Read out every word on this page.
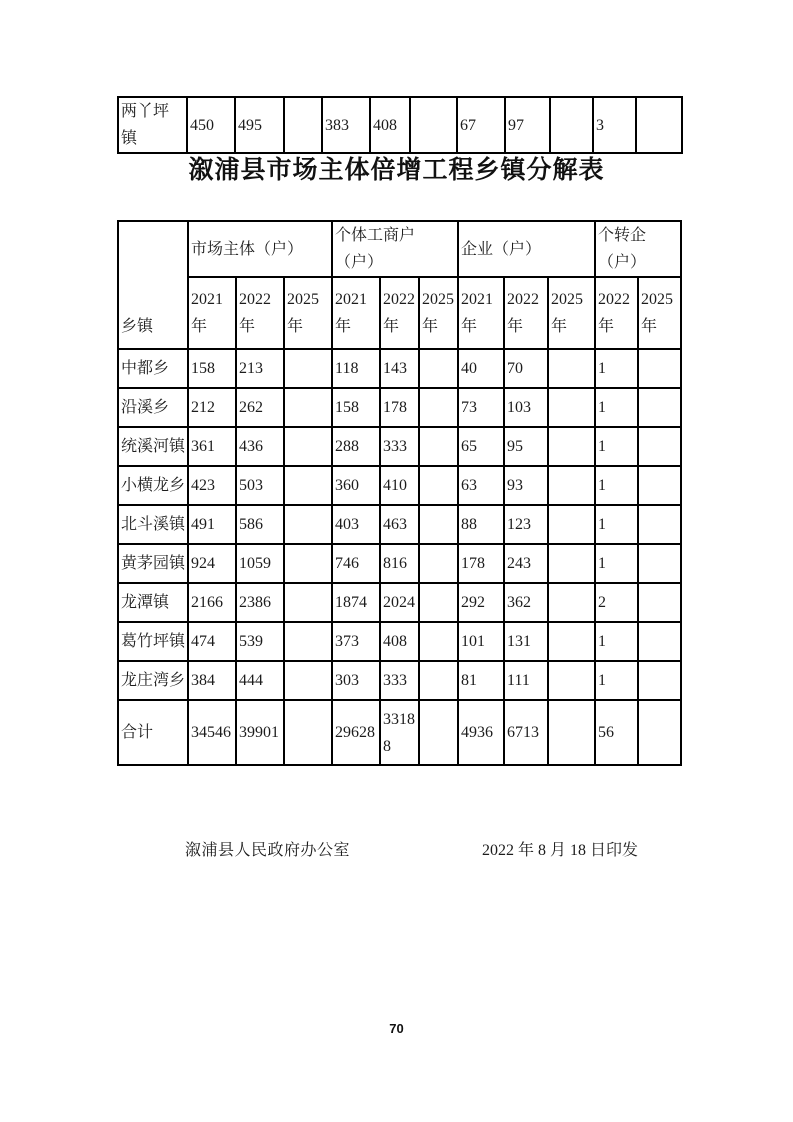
两丫坪镇	450	495		383	408		67	97		3	
溆浦县市场主体倍增工程乡镇分解表
乡镇	市场主体（户）			个体工商户（户）			企业（户）			个转企（户）	
	2021年	2022年	2025年	2021年	2022年	2025年	2021年	2022年	2025年	2022年	2025年
中都乡	158	213		118	143		40	70		1	
沿溪乡	212	262		158	178		73	103		1	
统溪河镇	361	436		288	333		65	95		1	
小横龙乡	423	503		360	410		63	93		1	
北斗溪镇	491	586		403	463		88	123		1	
黄茅园镇	924	1059		746	816		178	243		1	
龙潭镇	2166	2386		1874	2024		292	362		2	
葛竹坪镇	474	539		373	408		101	131		1	
龙庄湾乡	384	444		303	333		81	111		1	
合计	34546	39901		29628	33188		4936	6713		56	
溆浦县人民政府办公室	2022 年 8 月 18 日印发
70
